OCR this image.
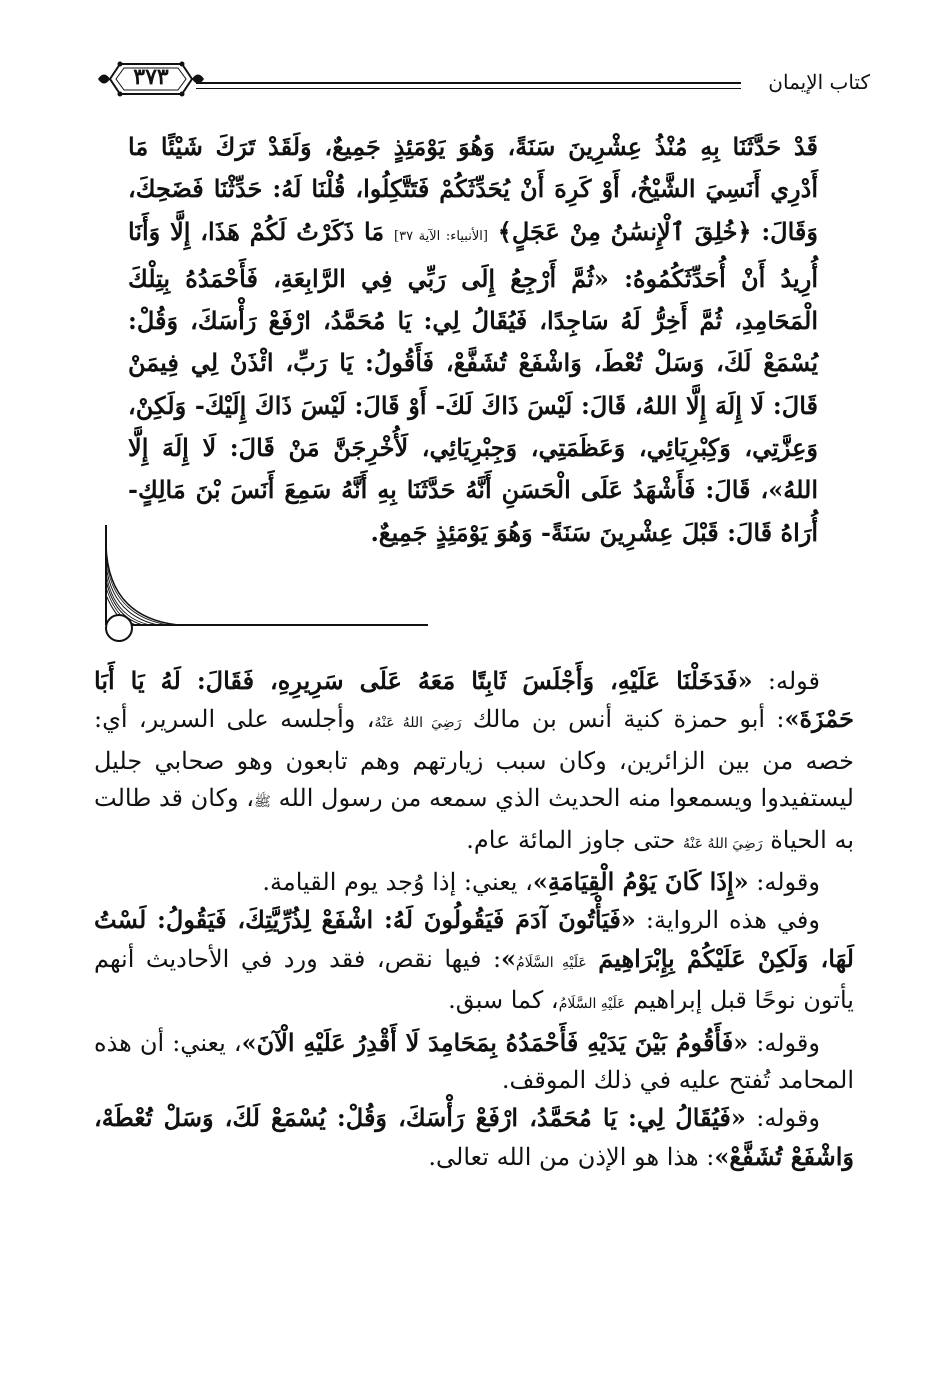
كتاب الإيمان
٣٧٣

قَدْ حَدَّثَنَا بِهِ مُنْذُ عِشْرِينَ سَنَةً، وَهُوَ يَوْمَئِذٍ جَمِيعٌ، وَلَقَدْ تَرَكَ شَيْئًا مَا أَدْرِي أَنَسِيَ الشَّيْخُ، أَوْ كَرِهَ أَنْ يُحَدِّثَكُمْ فَتَتَّكِلُوا، قُلْنَا لَهُ: حَدِّثْنَا فَضَحِكَ، وَقَالَ: ﴿خُلِقَ ٱلْإِنسَٰنُ مِنْ عَجَلٍ﴾ [الأنبياء: الآية ٣٧] مَا ذَكَرْتُ لَكُمْ هَذَا، إِلَّا وَأَنَا أُرِيدُ أَنْ أُحَدِّثَكُمُوهُ: «ثُمَّ أَرْجِعُ إِلَى رَبِّي فِي الرَّابِعَةِ، فَأَحْمَدُهُ بِتِلْكَ الْمَحَامِدِ، ثُمَّ أَخِرُّ لَهُ سَاجِدًا، فَيُقَالُ لِي: يَا مُحَمَّدُ، ارْفَعْ رَأْسَكَ، وَقُلْ: يُسْمَعْ لَكَ، وَسَلْ تُعْطَ، وَاشْفَعْ تُشَفَّعْ، فَأَقُولُ: يَا رَبِّ، ائْذَنْ لِي فِيمَنْ قَالَ: لَا إِلَهَ إِلَّا اللهُ، قَالَ: لَيْسَ ذَاكَ لَكَ- أَوْ قَالَ: لَيْسَ ذَاكَ إِلَيْكَ- وَلَكِنْ، وَعِزَّتِي، وَكِبْرِيَائِي، وَعَظَمَتِي، وَجِبْرِيَائِي، لَأُخْرِجَنَّ مَنْ قَالَ: لَا إِلَهَ إِلَّا اللهُ»، قَالَ: فَأَشْهَدُ عَلَى الْحَسَنِ أَنَّهُ حَدَّثَنَا بِهِ أَنَّهُ سَمِعَ أَنَسَ بْنَ مَالِكٍ- أُرَاهُ قَالَ: قَبْلَ عِشْرِينَ سَنَةً- وَهُوَ يَوْمَئِذٍ جَمِيعٌ.

قوله: «فَدَخَلْنَا عَلَيْهِ، وَأَجْلَسَ ثَابِتًا مَعَهُ عَلَى سَرِيرِهِ، فَقَالَ: لَهُ يَا أَبَا حَمْزَةَ»: أبو حمزة كنية أنس بن مالك رَضِيَ اللهُ عَنْهُ، وأجلسه على السرير، أي: خصه من بين الزائرين، وكان سبب زيارتهم وهم تابعون وهو صحابي جليل ليستفيدوا ويسمعوا منه الحديث الذي سمعه من رسول الله ﷺ، وكان قد طالت به الحياة رَضِيَ اللهُ عَنْهُ حتى جاوز المائة عام.

وقوله: «إِذَا كَانَ يَوْمُ الْقِيَامَةِ»، يعني: إذا وُجد يوم القيامة.

وفي هذه الرواية: «فَيَأْتُونَ آدَمَ فَيَقُولُونَ لَهُ: اشْفَعْ لِذُرِّيَّتِكَ، فَيَقُولُ: لَسْتُ لَهَا، وَلَكِنْ عَلَيْكُمْ بِإِبْرَاهِيمَ عَلَيْهِ السَّلَامُ»: فيها نقص، فقد ورد في الأحاديث أنهم يأتون نوحًا قبل إبراهيم عَلَيْهِ السَّلَامُ، كما سبق.

وقوله: «فَأَقُومُ بَيْنَ يَدَيْهِ فَأَحْمَدُهُ بِمَحَامِدَ لَا أَقْدِرُ عَلَيْهِ الْآنَ»، يعني: أن هذه المحامد تُفتح عليه في ذلك الموقف.

وقوله: «فَيُقَالُ لِي: يَا مُحَمَّدُ، ارْفَعْ رَأْسَكَ، وَقُلْ: يُسْمَعْ لَكَ، وَسَلْ تُعْطَهْ، وَاشْفَعْ تُشَفَّعْ»: هذا هو الإذن من الله تعالى.
